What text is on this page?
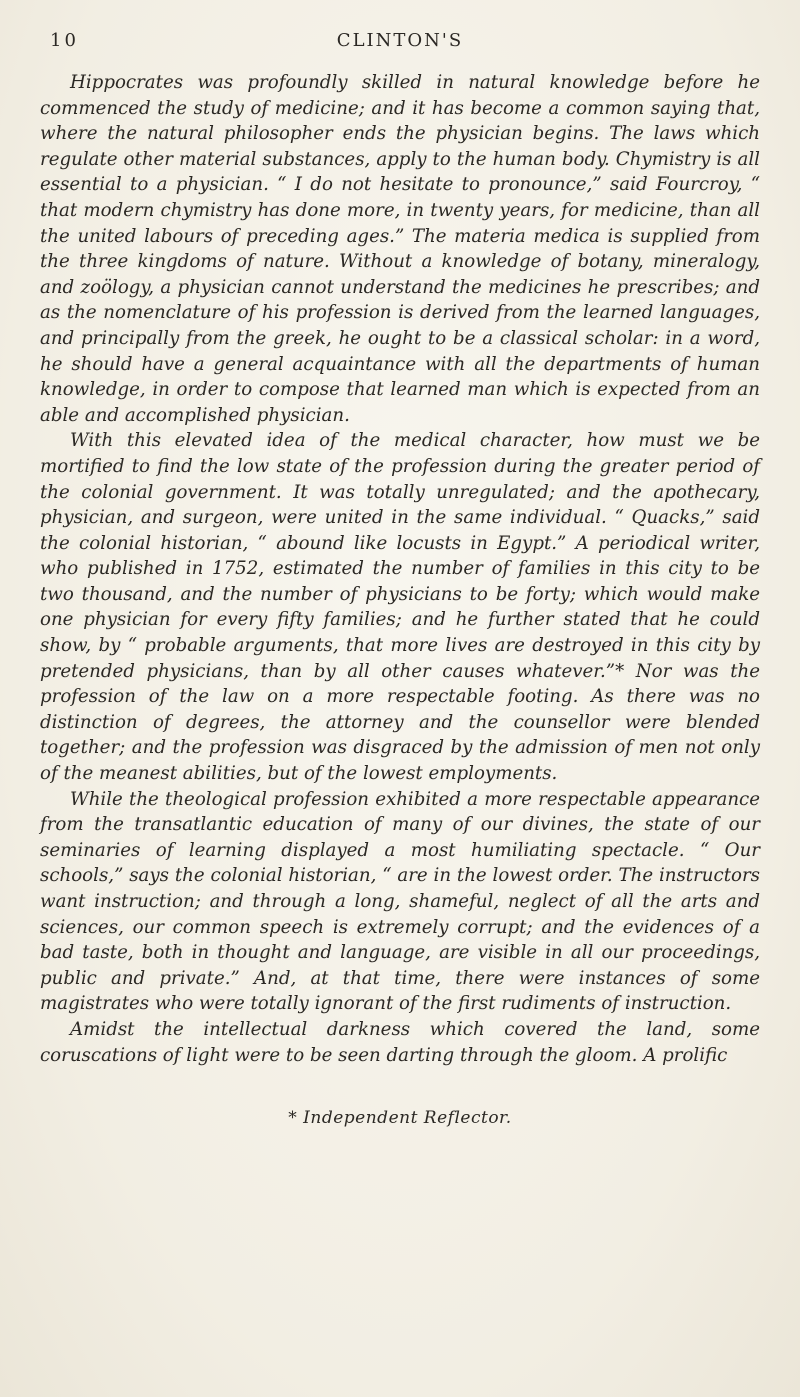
10	CLINTON'S

Hippocrates was profoundly skilled in natural knowledge before he commenced the study of medicine; and it has become a common saying that, where the natural philosopher ends the physician begins. The laws which regulate other material substances, apply to the human body. Chymistry is all essential to a physician. “ I do not hesitate to pronounce,” said Fourcroy, “ that modern chymistry has done more, in twenty years, for medicine, than all the united labours of preceding ages.” The materia medica is supplied from the three kingdoms of nature. Without a knowledge of botany, mineralogy, and zoölogy, a physician cannot understand the medicines he prescribes; and as the nomenclature of his profession is derived from the learned languages, and principally from the greek, he ought to be a classical scholar: in a word, he should have a general acquaintance with all the departments of human knowledge, in order to compose that learned man which is expected from an able and accomplished physician.

With this elevated idea of the medical character, how must we be mortified to find the low state of the profession during the greater period of the colonial government. It was totally unregulated; and the apothecary, physician, and surgeon, were united in the same individual. “ Quacks,” said the colonial historian, “ abound like locusts in Egypt.” A periodical writer, who published in 1752, estimated the number of families in this city to be two thousand, and the number of physicians to be forty; which would make one physician for every fifty families; and he further stated that he could show, by “ probable arguments, that more lives are destroyed in this city by pretended physicians, than by all other causes whatever.”* Nor was the profession of the law on a more respectable footing. As there was no distinction of degrees, the attorney and the counsellor were blended together; and the profession was disgraced by the admission of men not only of the meanest abilities, but of the lowest employments.

While the theological profession exhibited a more respectable appearance from the transatlantic education of many of our divines, the state of our seminaries of learning displayed a most humiliating spectacle. “ Our schools,” says the colonial historian, “ are in the lowest order. The instructors want instruction; and through a long, shameful, neglect of all the arts and sciences, our common speech is extremely corrupt; and the evidences of a bad taste, both in thought and language, are visible in all our proceedings, public and private.” And, at that time, there were instances of some magistrates who were totally ignorant of the first rudiments of instruction.

Amidst the intellectual darkness which covered the land, some coruscations of light were to be seen darting through the gloom. A prolific

* Independent Reflector.
